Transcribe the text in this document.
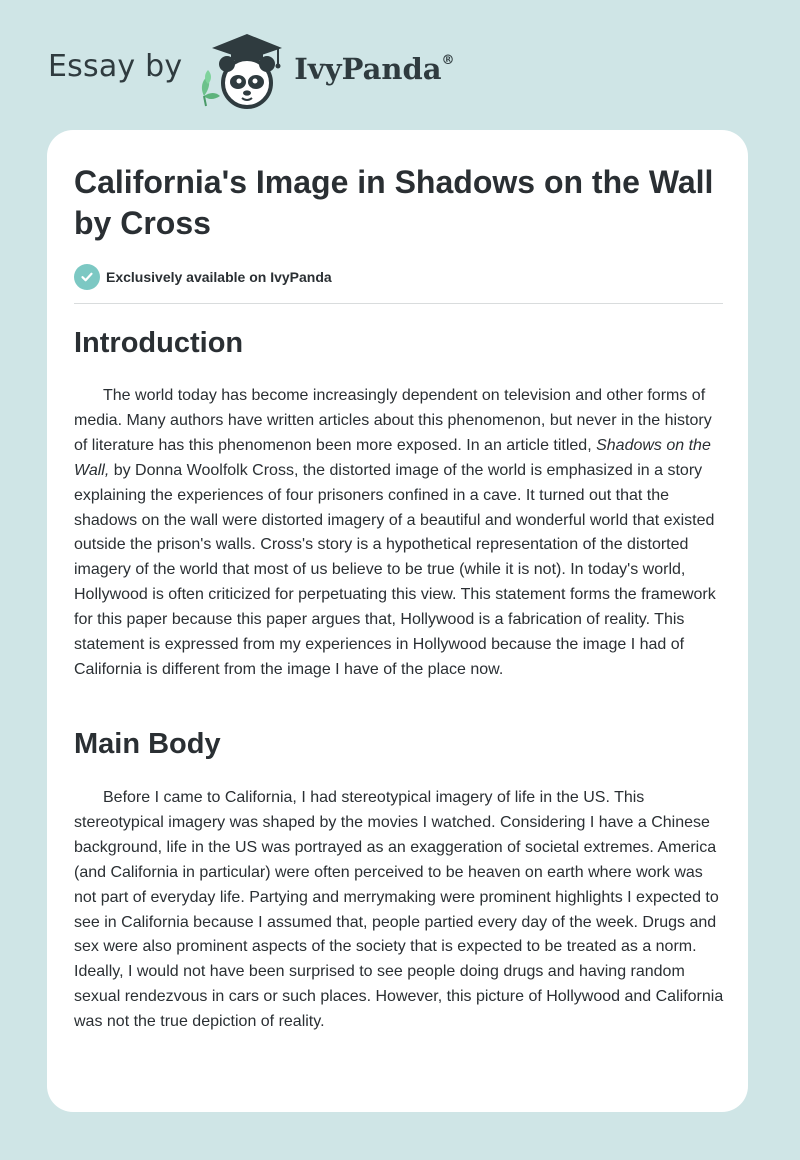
Essay by	IvyPanda®
California's Image in Shadows on the Wall by Cross
Exclusively available on IvyPanda
Introduction

The world today has become increasingly dependent on television and other forms of media. Many authors have written articles about this phenomenon, but never in the history of literature has this phenomenon been more exposed. In an article titled, Shadows on the Wall, by Donna Woolfolk Cross, the distorted image of the world is emphasized in a story explaining the experiences of four prisoners confined in a cave. It turned out that the shadows on the wall were distorted imagery of a beautiful and wonderful world that existed outside the prison's walls. Cross's story is a hypothetical representation of the distorted imagery of the world that most of us believe to be true (while it is not). In today's world, Hollywood is often criticized for perpetuating this view. This statement forms the framework for this paper because this paper argues that, Hollywood is a fabrication of reality. This statement is expressed from my experiences in Hollywood because the image I had of California is different from the image I have of the place now.

Main Body

Before I came to California, I had stereotypical imagery of life in the US. This stereotypical imagery was shaped by the movies I watched. Considering I have a Chinese background, life in the US was portrayed as an exaggeration of societal extremes. America (and California in particular) were often perceived to be heaven on earth where work was not part of everyday life. Partying and merrymaking were prominent highlights I expected to see in California because I assumed that, people partied every day of the week. Drugs and sex were also prominent aspects of the society that is expected to be treated as a norm. Ideally, I would not have been surprised to see people doing drugs and having random sexual rendezvous in cars or such places. However, this picture of Hollywood and California was not the true depiction of reality.
